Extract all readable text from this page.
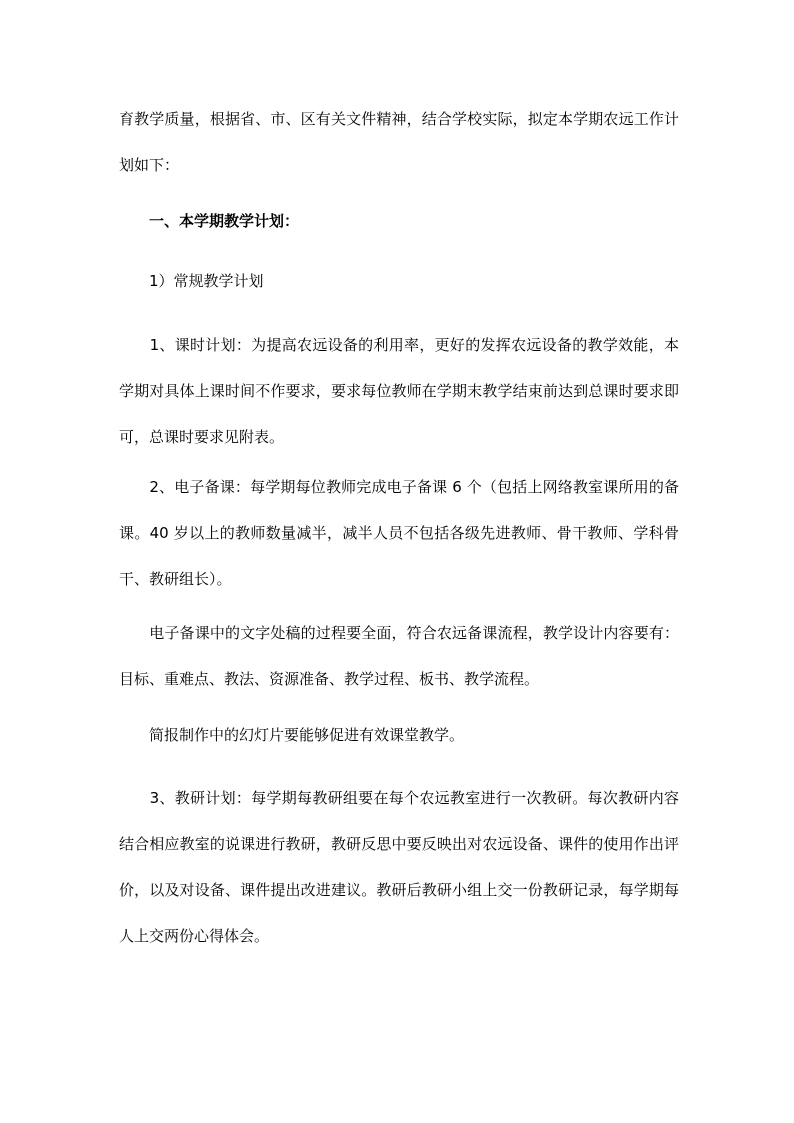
育教学质量，根据省、市、区有关文件精神，结合学校实际，拟定本学期农远工作计划如下：

　　一、本学期教学计划：

　　1）常规教学计划

　　1、课时计划：为提高农远设备的利用率，更好的发挥农远设备的教学效能，本学期对具体上课时间不作要求，要求每位教师在学期末教学结束前达到总课时要求即可，总课时要求见附表。

　　2、电子备课：每学期每位教师完成电子备课 6 个（包括上网络教室课所用的备课。40 岁以上的教师数量减半，减半人员不包括各级先进教师、骨干教师、学科骨干、教研组长）。

　　电子备课中的文字处稿的过程要全面，符合农远备课流程，教学设计内容要有：目标、重难点、教法、资源准备、教学过程、板书、教学流程。

　　简报制作中的幻灯片要能够促进有效课堂教学。

　　3、教研计划：每学期每教研组要在每个农远教室进行一次教研。每次教研内容结合相应教室的说课进行教研，教研反思中要反映出对农远设备、课件的使用作出评价，以及对设备、课件提出改进建议。教研后教研小组上交一份教研记录，每学期每人上交两份心得体会。
